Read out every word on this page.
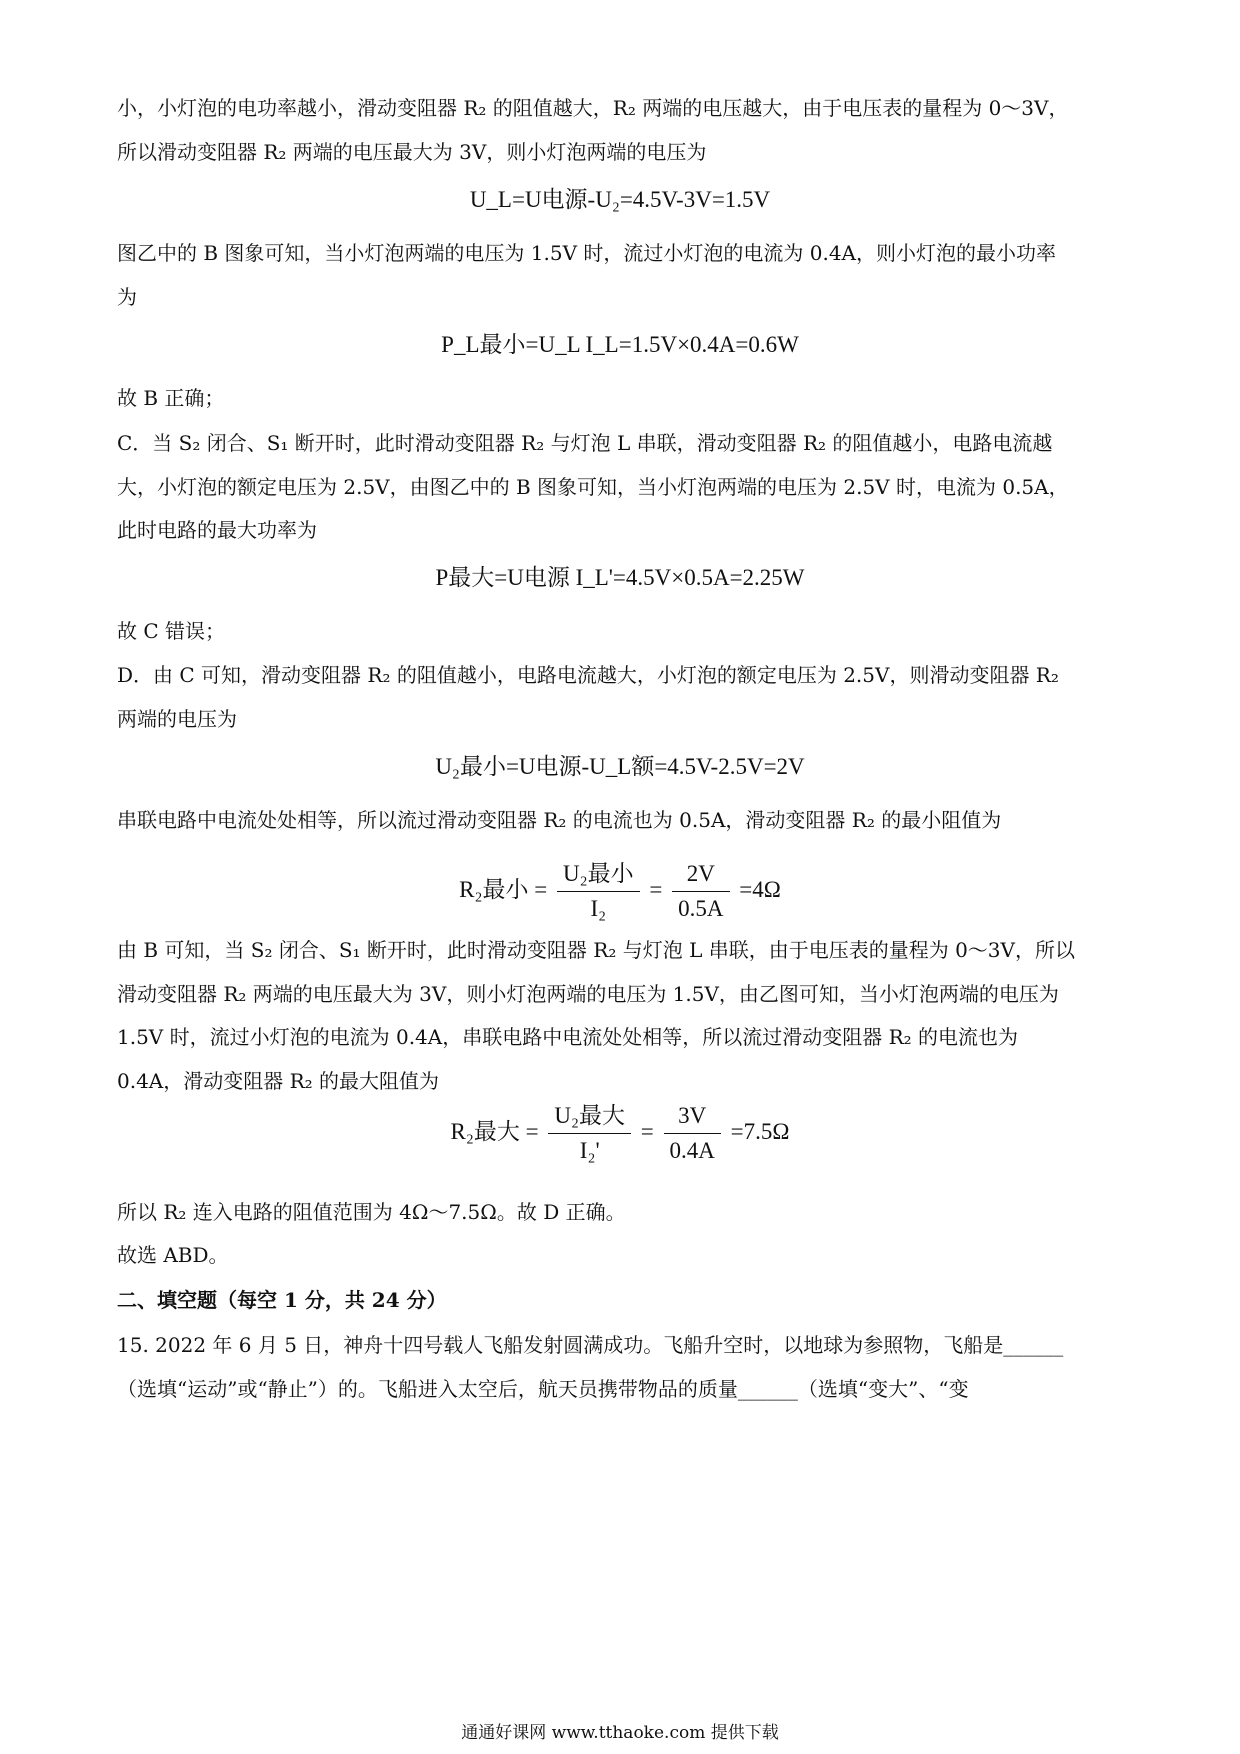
小，小灯泡的电功率越小，滑动变阻器 R₂ 的阻值越大，R₂ 两端的电压越大，由于电压表的量程为 0～3V，
所以滑动变阻器 R₂ 两端的电压最大为 3V，则小灯泡两端的电压为
U_L=U电源-U₂=4.5V-3V=1.5V
图乙中的 B 图象可知，当小灯泡两端的电压为 1.5V 时，流过小灯泡的电流为 0.4A，则小灯泡的最小功率
为
P_L最小=U_L I_L=1.5V×0.4A=0.6W
故 B 正确；
C．当 S₂ 闭合、S₁ 断开时，此时滑动变阻器 R₂ 与灯泡 L 串联，滑动变阻器 R₂ 的阻值越小，电路电流越
大，小灯泡的额定电压为 2.5V，由图乙中的 B 图象可知，当小灯泡两端的电压为 2.5V 时，电流为 0.5A，
此时电路的最大功率为
P最大=U电源 I_L'=4.5V×0.5A=2.25W
故 C 错误；
D．由 C 可知，滑动变阻器 R₂ 的阻值越小，电路电流越大，小灯泡的额定电压为 2.5V，则滑动变阻器 R₂
两端的电压为
U₂最小=U电源-U_L额=4.5V-2.5V=2V
串联电路中电流处处相等，所以流过滑动变阻器 R₂ 的电流也为 0.5A，滑动变阻器 R₂ 的最小阻值为
R₂最小 = $\frac{\text{U₂最小}}{\text{I₂}} = \frac{2V}{0.5A} =4\Omega$
由 B 可知，当 S₂ 闭合、S₁ 断开时，此时滑动变阻器 R₂ 与灯泡 L 串联，由于电压表的量程为 0～3V，所以
滑动变阻器 R₂ 两端的电压最大为 3V，则小灯泡两端的电压为 1.5V，由乙图可知，当小灯泡两端的电压为
1.5V 时，流过小灯泡的电流为 0.4A，串联电路中电流处处相等，所以流过滑动变阻器 R₂ 的电流也为
0.4A，滑动变阻器 R₂ 的最大阻值为
R₂最大 = $\frac{\text{U₂最大}}{\text{I₂'}} = \frac{3V}{0.4A} =7.5\Omega$
所以 R₂ 连入电路的阻值范围为 4Ω～7.5Ω。故 D 正确。
故选 ABD。
二、填空题（每空 1 分，共 24 分）
15. 2022 年 6 月 5 日，神舟十四号载人飞船发射圆满成功。飞船升空时，以地球为参照物，飞船是______
（选填“运动”或“静止”）的。飞船进入太空后，航天员携带物品的质量______（选填“变大”、“变
通通好课网 www.tthaoke.com 提供下载
